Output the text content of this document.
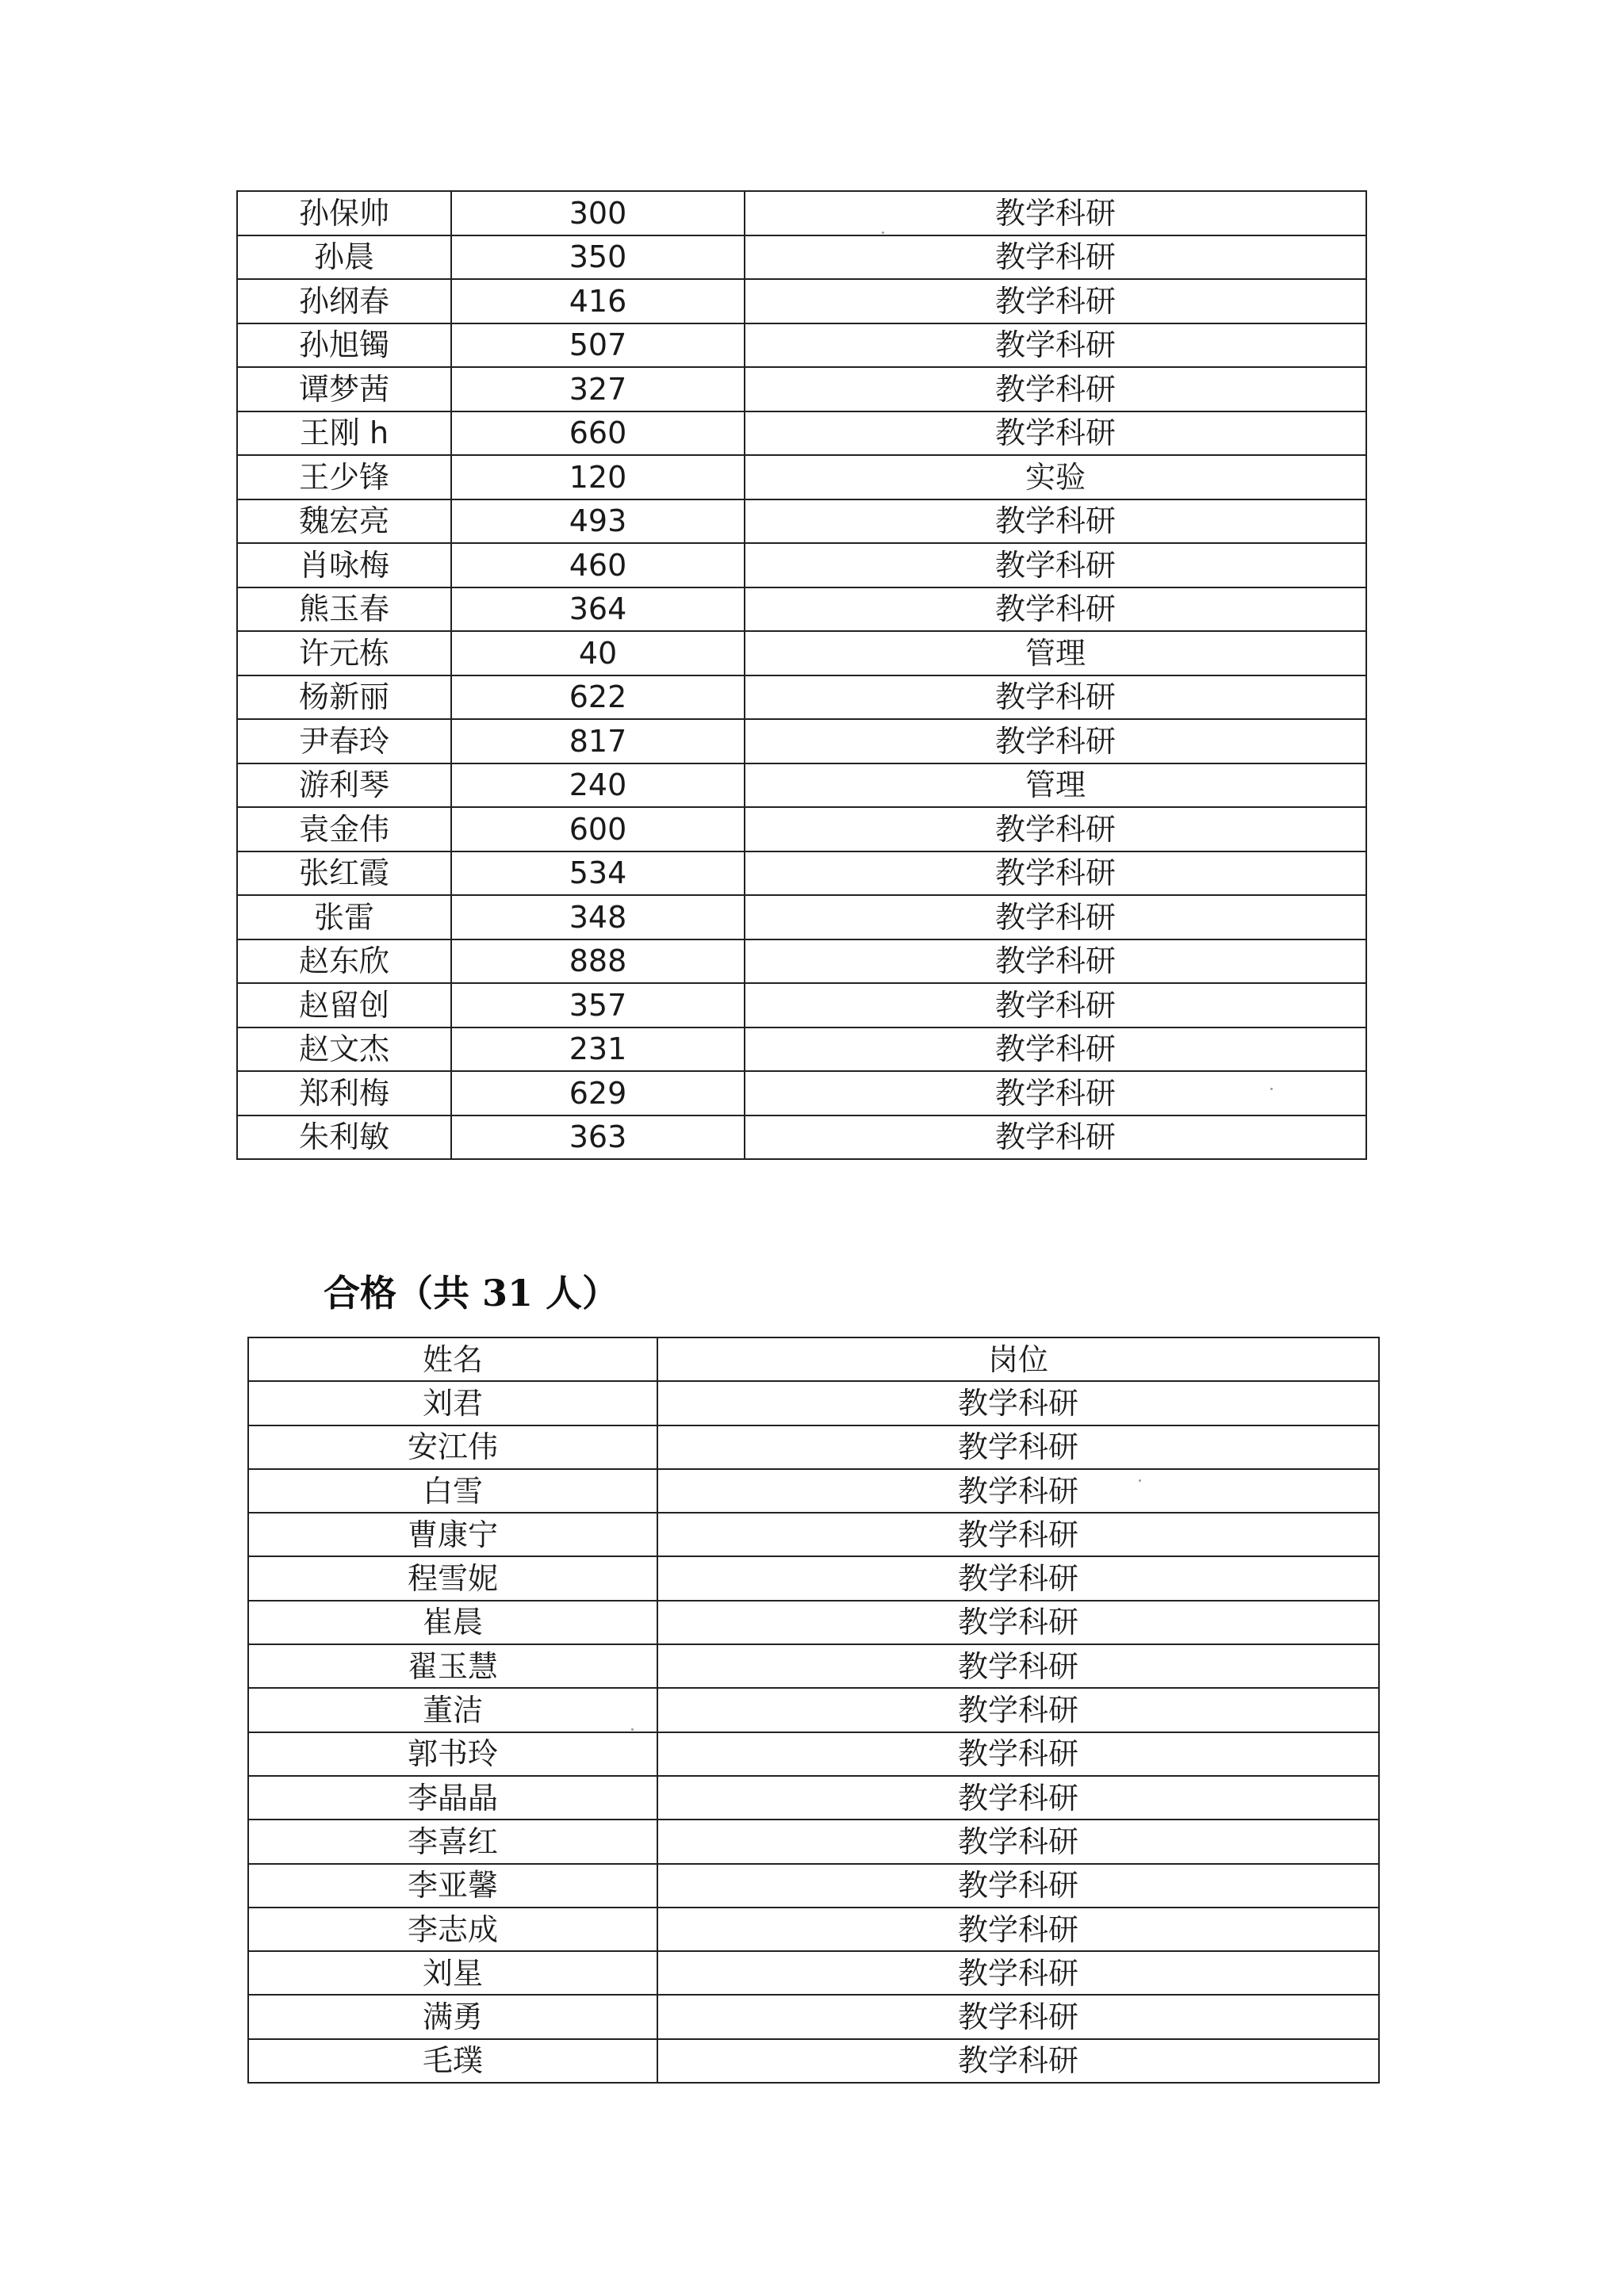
孙保帅	300	教学科研
孙晨	350	教学科研
孙纲春	416	教学科研
孙旭镯	507	教学科研
谭梦茜	327	教学科研
王刚 h	660	教学科研
王少锋	120	实验
魏宏亮	493	教学科研
肖咏梅	460	教学科研
熊玉春	364	教学科研
许元栋	40	管理
杨新丽	622	教学科研
尹春玲	817	教学科研
游利琴	240	管理
袁金伟	600	教学科研
张红霞	534	教学科研
张雷	348	教学科研
赵东欣	888	教学科研
赵留创	357	教学科研
赵文杰	231	教学科研
郑利梅	629	教学科研
朱利敏	363	教学科研
合格（共 31 人）
姓名	岗位
刘君	教学科研
安江伟	教学科研
白雪	教学科研
曹康宁	教学科研
程雪妮	教学科研
崔晨	教学科研
翟玉慧	教学科研
董洁	教学科研
郭书玲	教学科研
李晶晶	教学科研
李喜红	教学科研
李亚馨	教学科研
李志成	教学科研
刘星	教学科研
满勇	教学科研
毛璞	教学科研
